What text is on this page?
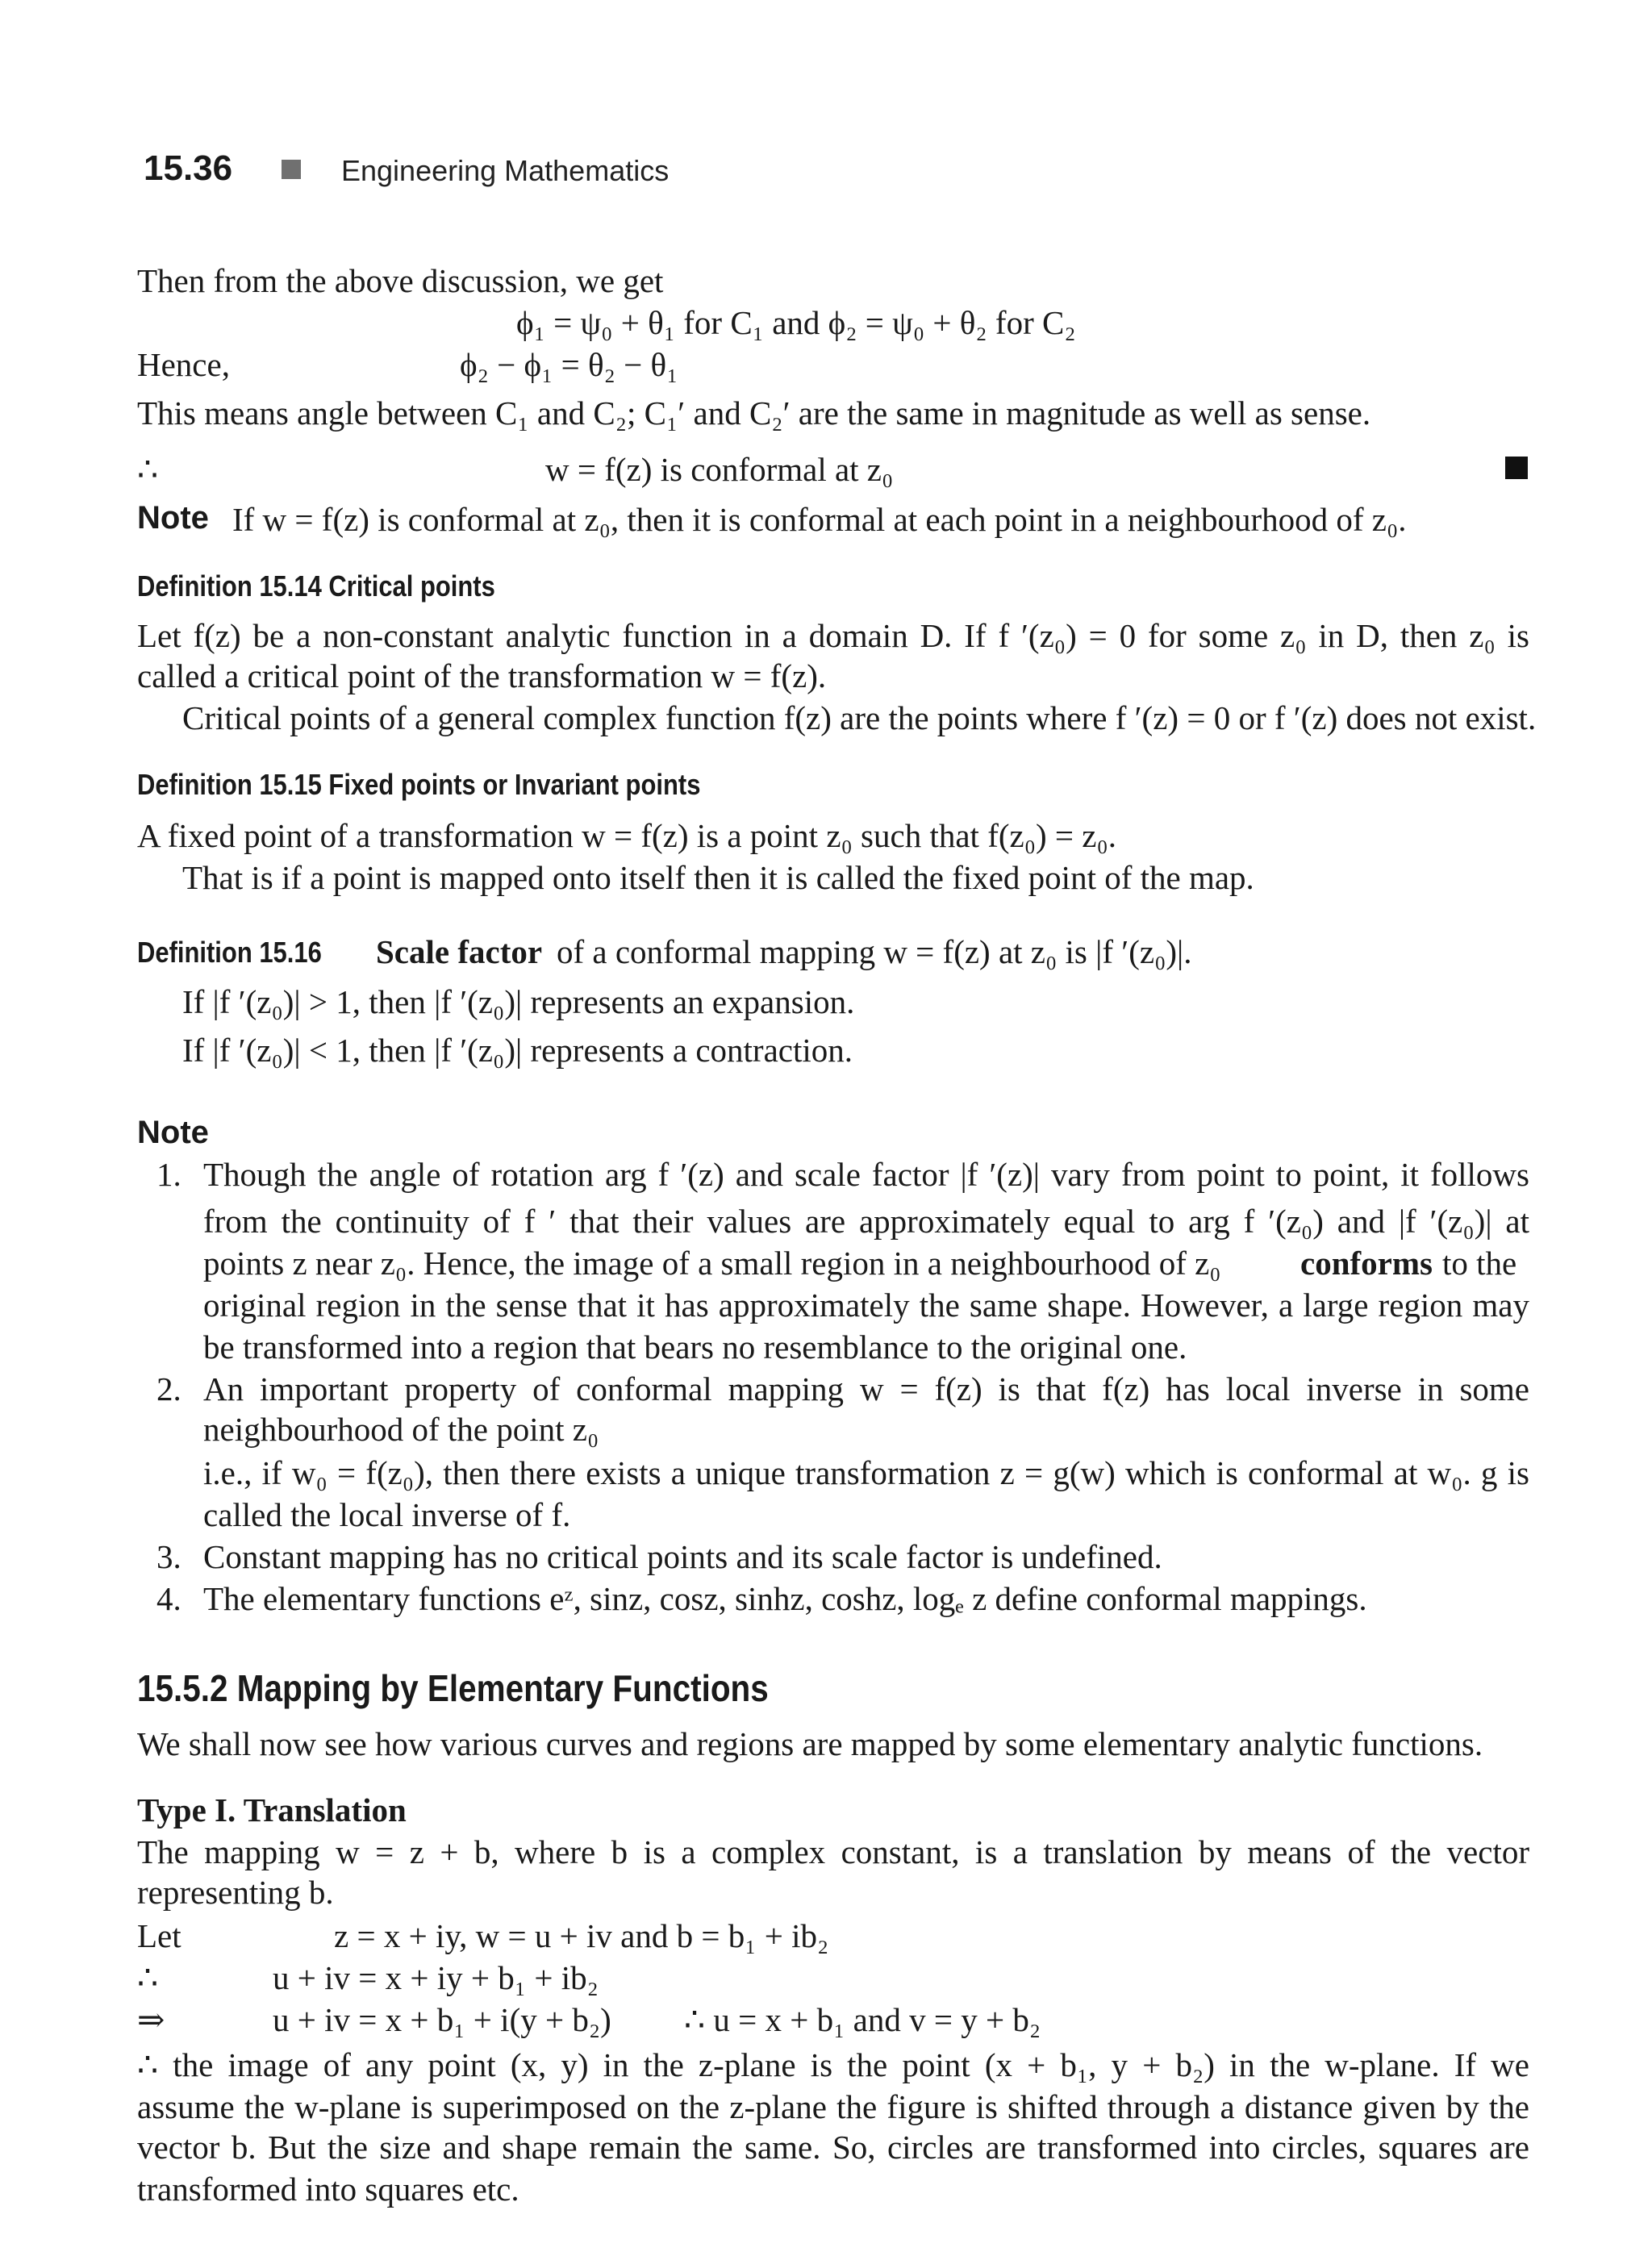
15.36	Engineering Mathematics
Then from the above discussion, we get
ϕ₁ = ψ₀ + θ₁ for C₁ and ϕ₂ = ψ₀ + θ₂ for C₂
Hence,	ϕ₂ − ϕ₁ = θ₂ − θ₁
This means angle between C₁ and C₂; C₁′ and C₂′ are the same in magnitude as well as sense.
∴	w = f(z) is conformal at z₀
Note If w = f(z) is conformal at z₀, then it is conformal at each point in a neighbourhood of z₀.
Definition 15.14 Critical points
Let f(z) be a non-constant analytic function in a domain D. If f ′(z₀) = 0 for some z₀ in D, then z₀ is
called a critical point of the transformation w = f(z).
Critical points of a general complex function f(z) are the points where f ′(z) = 0 or f ′(z) does not exist.
Definition 15.15 Fixed points or Invariant points
A fixed point of a transformation w = f(z) is a point z₀ such that f(z₀) = z₀.
That is if a point is mapped onto itself then it is called the fixed point of the map.
Definition 15.16 Scale factor of a conformal mapping w = f(z) at z₀ is |f ′(z₀)|.
If |f ′(z₀)| > 1, then |f ′(z₀)| represents an expansion.
If |f ′(z₀)| < 1, then |f ′(z₀)| represents a contraction.
Note
1. Though the angle of rotation arg f ′(z) and scale factor |f ′(z)| vary from point to point, it follows
from the continuity of f ′ that their values are approximately equal to arg f ′(z₀) and |f ′(z₀)| at
points z near z₀. Hence, the image of a small region in a neighbourhood of z₀ conforms to the
original region in the sense that it has approximately the same shape. However, a large region may
be transformed into a region that bears no resemblance to the original one.
2. An important property of conformal mapping w = f(z) is that f(z) has local inverse in some
neighbourhood of the point z₀
i.e., if w₀ = f(z₀), then there exists a unique transformation z = g(w) which is conformal at w₀. g is
called the local inverse of f.
3. Constant mapping has no critical points and its scale factor is undefined.
4. The elementary functions eᶻ, sinz, cosz, sinhz, coshz, logₑ z define conformal mappings.
15.5.2 Mapping by Elementary Functions
We shall now see how various curves and regions are mapped by some elementary analytic functions.
Type I. Translation
The mapping w = z + b, where b is a complex constant, is a translation by means of the vector
representing b.
Let	z = x + iy, w = u + iv and b = b₁ + ib₂
∴	u + iv = x + iy + b₁ + ib₂
⇒	u + iv = x + b₁ + i(y + b₂) ∴ u = x + b₁ and v = y + b₂
∴ the image of any point (x, y) in the z-plane is the point (x + b₁, y + b₂) in the w-plane. If we
assume the w-plane is superimposed on the z-plane the figure is shifted through a distance given by the
vector b. But the size and shape remain the same. So, circles are transformed into circles, squares are
transformed into squares etc.
